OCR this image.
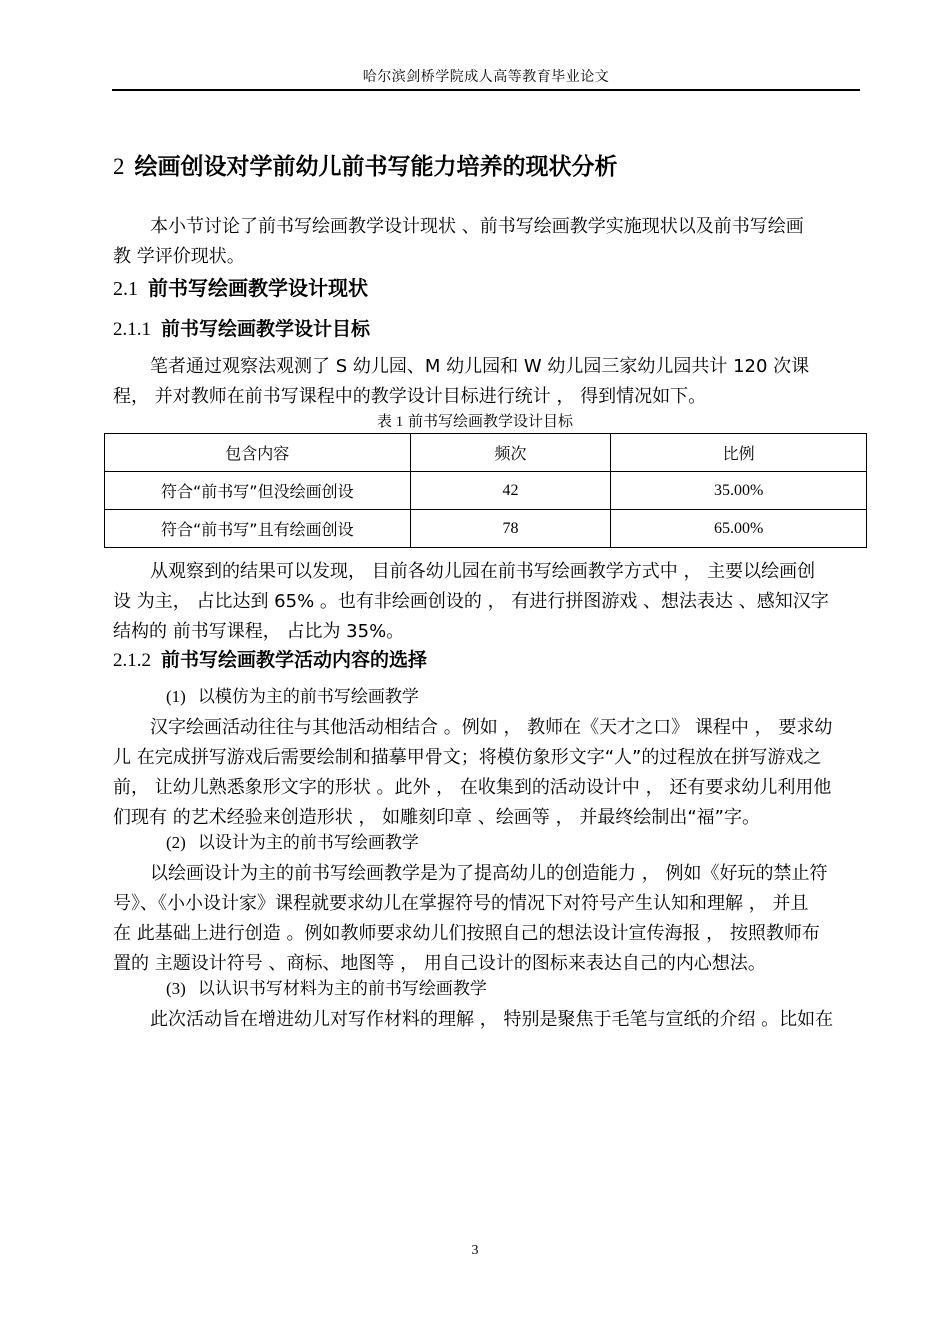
哈尔滨剑桥学院成人高等教育毕业论文
2 绘画创设对学前幼儿前书写能力培养的现状分析
本小节讨论了前书写绘画教学设计现状 、前书写绘画教学实施现状以及前书写绘画
教 学评价现状。
2.1 前书写绘画教学设计现状
2.1.1 前书写绘画教学设计目标
笔者通过观察法观测了 S 幼儿园、M 幼儿园和 W 幼儿园三家幼儿园共计 120 次课
程， 并对教师在前书写课程中的教学设计目标进行统计 ， 得到情况如下。
表 1 前书写绘画教学设计目标
包含内容	频次	比例
符合“前书写”但没绘画创设	42	35.00%
符合“前书写”且有绘画创设	78	65.00%
从观察到的结果可以发现， 目前各幼儿园在前书写绘画教学方式中 ， 主要以绘画创
设 为主， 占比达到 65% 。也有非绘画创设的 ， 有进行拼图游戏 、想法表达 、感知汉字
结构的 前书写课程， 占比为 35%。
2.1.2 前书写绘画教学活动内容的选择
(1) 以模仿为主的前书写绘画教学
汉字绘画活动往往与其他活动相结合 。例如 ， 教师在《天才之口》 课程中 ， 要求幼
儿 在完成拼写游戏后需要绘制和描摹甲骨文；将模仿象形文字“人”的过程放在拼写游戏之
前， 让幼儿熟悉象形文字的形状 。此外 ， 在收集到的活动设计中 ， 还有要求幼儿利用他
们现有 的艺术经验来创造形状 ， 如雕刻印章 、绘画等 ， 并最终绘制出“福”字。
(2) 以设计为主的前书写绘画教学
以绘画设计为主的前书写绘画教学是为了提高幼儿的创造能力 ， 例如《好玩的禁止符
号》、《小小设计家》课程就要求幼儿在掌握符号的情况下对符号产生认知和理解 ， 并且
在 此基础上进行创造 。例如教师要求幼儿们按照自己的想法设计宣传海报 ， 按照教师布
置的 主题设计符号 、商标、地图等 ， 用自己设计的图标来表达自己的内心想法。
(3) 以认识书写材料为主的前书写绘画教学
此次活动旨在增进幼儿对写作材料的理解 ， 特别是聚焦于毛笔与宣纸的介绍 。比如在
3
